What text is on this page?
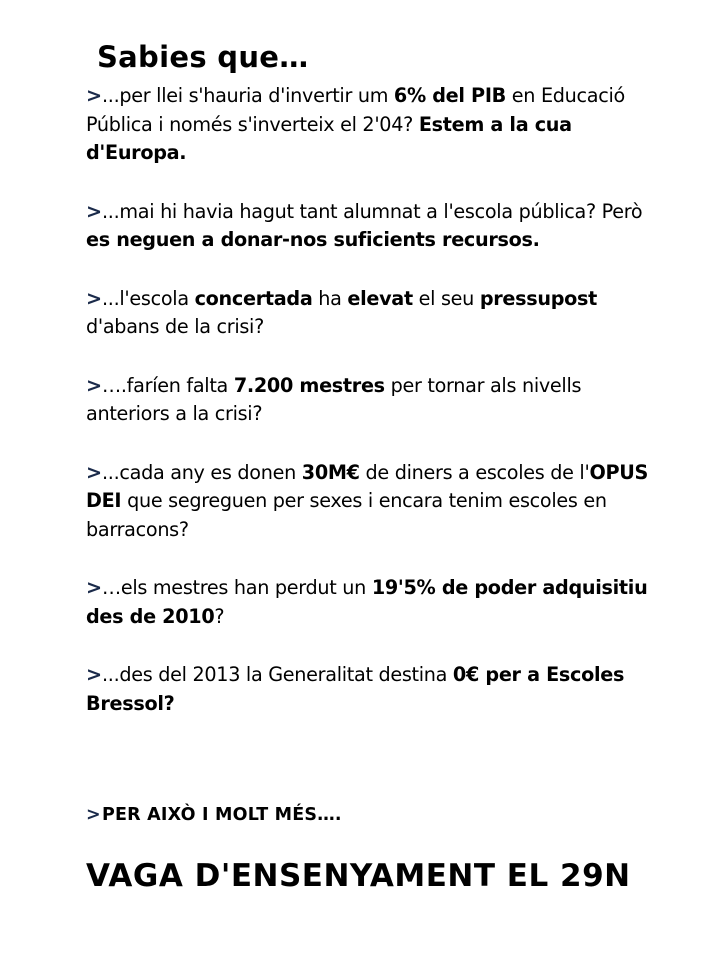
Sabies que…
>...per llei s'hauria d'invertir um 6% del PIB en Educació Pública i només s'inverteix el 2'04? Estem a la cua d'Europa.
>...mai hi havia hagut tant alumnat a l'escola pública? Però es neguen a donar-nos suficients recursos.
>...l'escola concertada ha elevat el seu pressupost d'abans de la crisi?
>….faríen falta 7.200 mestres per tornar als nivells anteriors a la crisi?
>...cada any es donen 30M€ de diners a escoles de l'OPUS DEI que segreguen per sexes i encara tenim escoles en barracons?
>…els mestres han perdut un 19'5% de poder adquisitiu des de 2010?
>...des del 2013 la Generalitat destina 0€ per a Escoles Bressol?
>PER AIXÒ I MOLT MÉS….
VAGA D'ENSENYAMENT EL 29N
